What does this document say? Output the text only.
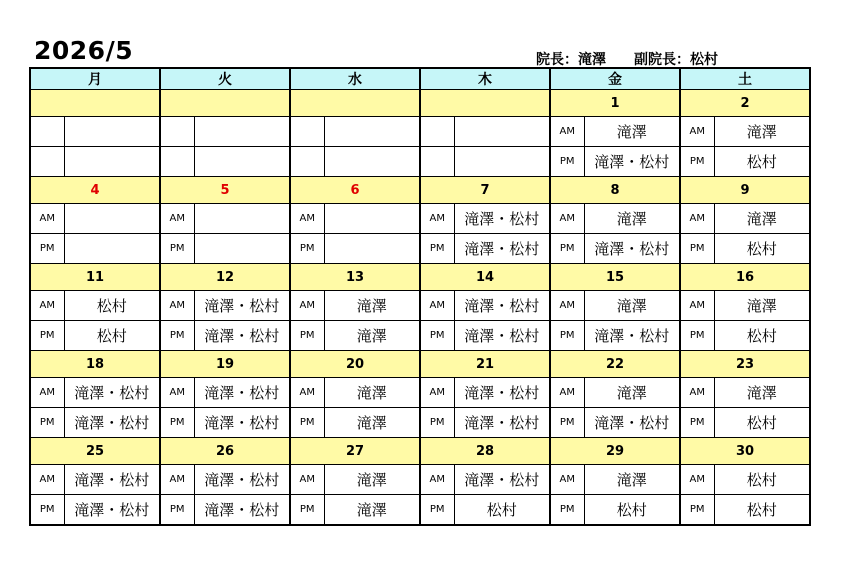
2026/5	院長：滝澤 副院長：松村
月		火		水		木		金		土	
								1		2	
								AM	滝澤	AM	滝澤
								PM	滝澤・松村	PM	松村
4		5		6		7		8		9	
AM		AM		AM		AM	滝澤・松村	AM	滝澤	AM	滝澤
PM		PM		PM		PM	滝澤・松村	PM	滝澤・松村	PM	松村
11		12		13		14		15		16	
AM	松村	AM	滝澤・松村	AM	滝澤	AM	滝澤・松村	AM	滝澤	AM	滝澤
PM	松村	PM	滝澤・松村	PM	滝澤	PM	滝澤・松村	PM	滝澤・松村	PM	松村
18		19		20		21		22		23	
AM	滝澤・松村	AM	滝澤・松村	AM	滝澤	AM	滝澤・松村	AM	滝澤	AM	滝澤
PM	滝澤・松村	PM	滝澤・松村	PM	滝澤	PM	滝澤・松村	PM	滝澤・松村	PM	松村
25		26		27		28		29		30	
AM	滝澤・松村	AM	滝澤・松村	AM	滝澤	AM	滝澤・松村	AM	滝澤	AM	松村
PM	滝澤・松村	PM	滝澤・松村	PM	滝澤	PM	松村	PM	松村	PM	松村
